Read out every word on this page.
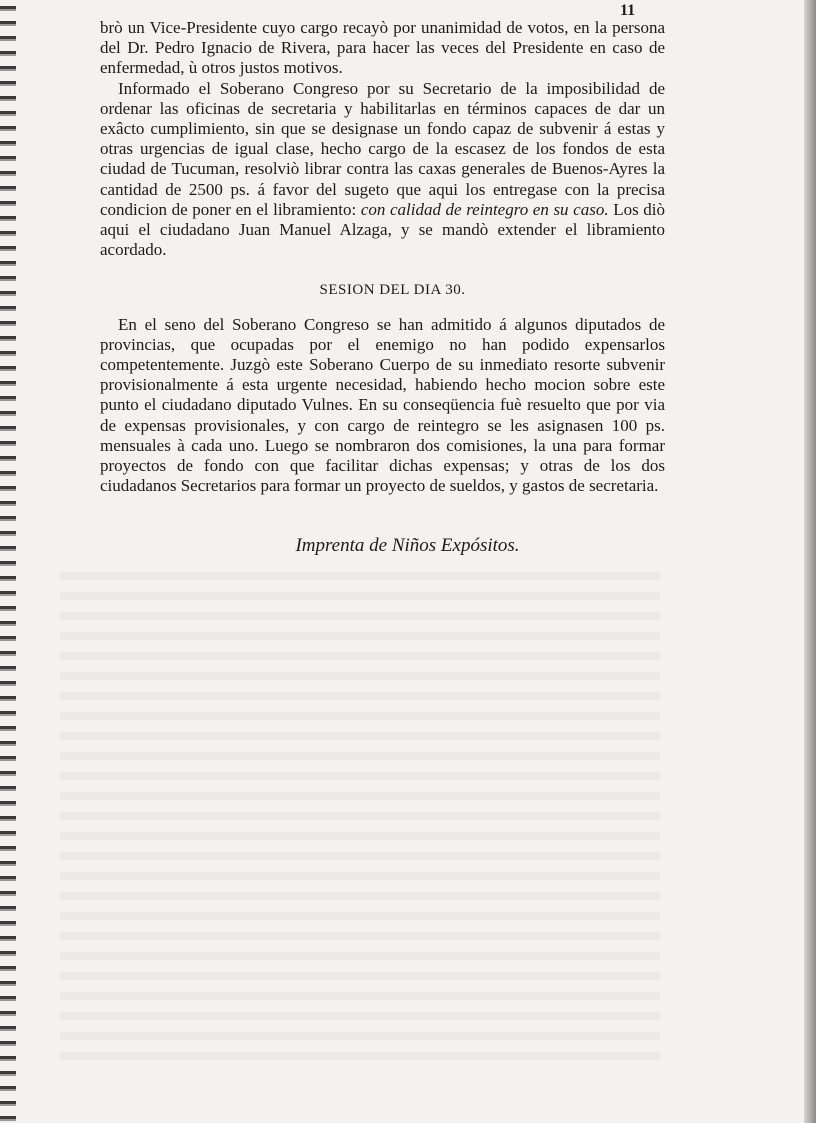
11

brò un Vice-Presidente cuyo cargo recayò por unanimidad de votos, en la persona del Dr. Pedro Ignacio de Rivera, para hacer las veces del Presidente en caso de enfermedad, ù otros justos motivos.

Informado el Soberano Congreso por su Secretario de la imposibilidad de ordenar las oficinas de secretaria y habilitarlas en términos capaces de dar un exâcto cumplimiento, sin que se designase un fondo capaz de subvenir á estas y otras urgencias de igual clase, hecho cargo de la escasez de los fondos de esta ciudad de Tucuman, resolviò librar contra las caxas generales de Buenos-Ayres la cantidad de 2500 ps. á favor del sugeto que aqui los entregase con la precisa condicion de poner en el libramiento: con calidad de reintegro en su caso. Los diò aqui el ciudadano Juan Manuel Alzaga, y se mandò extender el libramiento acordado.

SESION DEL DIA 30.

En el seno del Soberano Congreso se han admitido á algunos diputados de provincias, que ocupadas por el enemigo no han podido expensarlos competentemente. Juzgò este Soberano Cuerpo de su inmediato resorte subvenir provisionalmente á esta urgente necesidad, habiendo hecho mocion sobre este punto el ciudadano diputado Vulnes. En su conseqüencia fuè resuelto que por via de expensas provisionales, y con cargo de reintegro se les asignasen 100 ps. mensuales à cada uno. Luego se nombraron dos comisiones, la una para formar proyectos de fondo con que facilitar dichas expensas; y otras de los dos ciudadanos Secretarios para formar un proyecto de sueldos, y gastos de secretaria.

Imprenta de Niños Expósitos.
